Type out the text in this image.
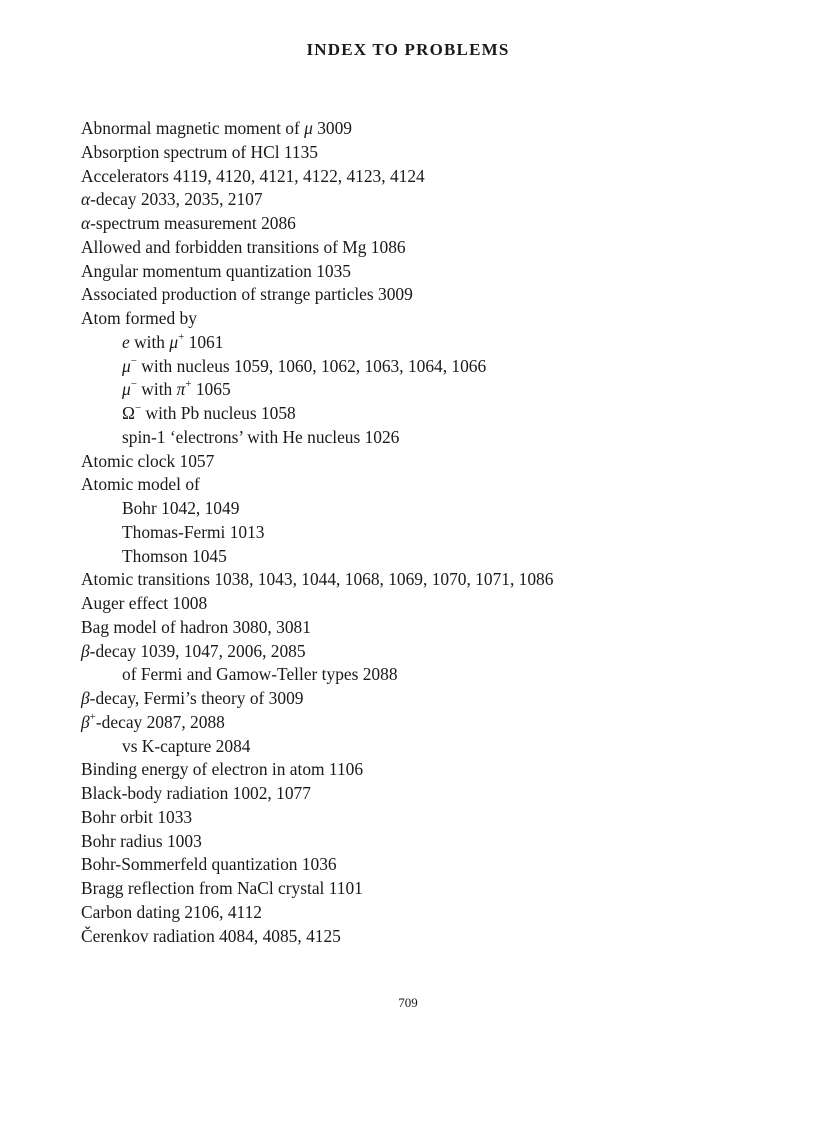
INDEX TO PROBLEMS
Abnormal magnetic moment of μ 3009
Absorption spectrum of HCl 1135
Accelerators 4119, 4120, 4121, 4122, 4123, 4124
α-decay 2033, 2035, 2107
α-spectrum measurement 2086
Allowed and forbidden transitions of Mg 1086
Angular momentum quantization 1035
Associated production of strange particles 3009
Atom formed by
e with μ+ 1061
μ− with nucleus 1059, 1060, 1062, 1063, 1064, 1066
μ− with π+ 1065
Ω− with Pb nucleus 1058
spin-1 ‘electrons’ with He nucleus 1026
Atomic clock 1057
Atomic model of
Bohr 1042, 1049
Thomas-Fermi 1013
Thomson 1045
Atomic transitions 1038, 1043, 1044, 1068, 1069, 1070, 1071, 1086
Auger effect 1008
Bag model of hadron 3080, 3081
β-decay 1039, 1047, 2006, 2085
of Fermi and Gamow-Teller types 2088
β-decay, Fermi’s theory of 3009
β+-decay 2087, 2088
vs K-capture 2084
Binding energy of electron in atom 1106
Black-body radiation 1002, 1077
Bohr orbit 1033
Bohr radius 1003
Bohr-Sommerfeld quantization 1036
Bragg reflection from NaCl crystal 1101
Carbon dating 2106, 4112
Čerenkov radiation 4084, 4085, 4125
709
